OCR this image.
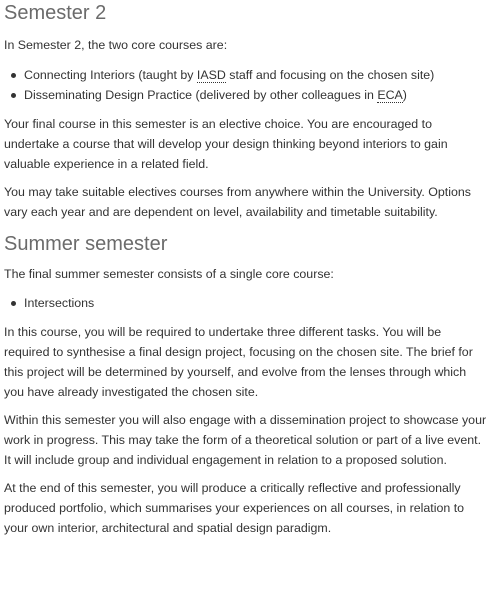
Semester 2

In Semester 2, the two core courses are:

Connecting Interiors (taught by IASD staff and focusing on the chosen site)
Disseminating Design Practice (delivered by other colleagues in ECA)

Your final course in this semester is an elective choice. You are encouraged to undertake a course that will develop your design thinking beyond interiors to gain valuable experience in a related field.

You may take suitable electives courses from anywhere within the University. Options vary each year and are dependent on level, availability and timetable suitability.

Summer semester

The final summer semester consists of a single core course:

Intersections

In this course, you will be required to undertake three different tasks. You will be required to synthesise a final design project, focusing on the chosen site. The brief for this project will be determined by yourself, and evolve from the lenses through which you have already investigated the chosen site.

Within this semester you will also engage with a dissemination project to showcase your work in progress. This may take the form of a theoretical solution or part of a live event. It will include group and individual engagement in relation to a proposed solution.

At the end of this semester, you will produce a critically reflective and professionally produced portfolio, which summarises your experiences on all courses, in relation to your own interior, architectural and spatial design paradigm.
